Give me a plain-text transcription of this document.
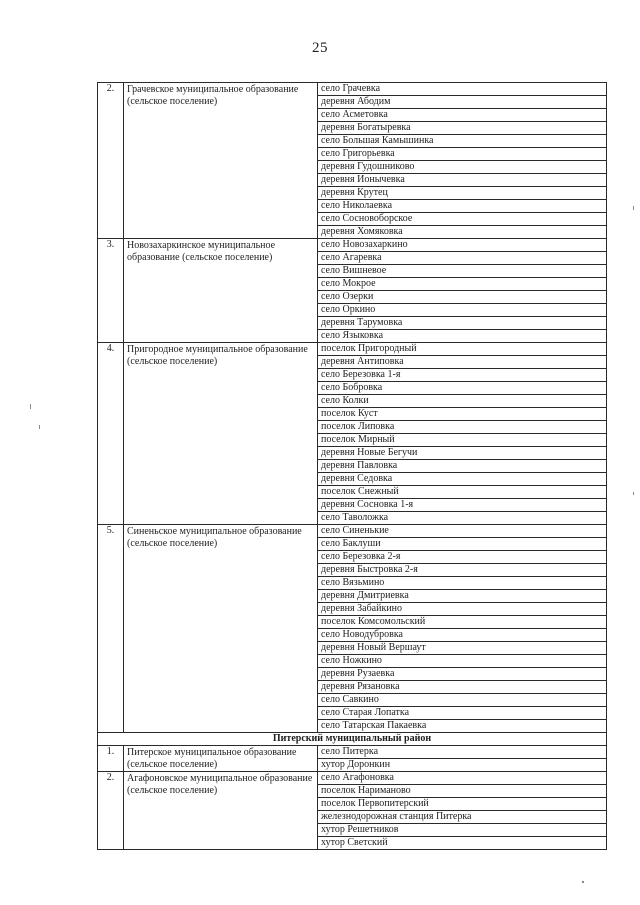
25
2.	Грачевское муниципальное образование (сельское поселение)	село Грачевка
		деревня Абодим
		село Асметовка
		деревня Богатыревка
		село Большая Камышинка
		село Григорьевка
		деревня Гудошниково
		деревня Ионычевка
		деревня Крутец
		село Николаевка
		село Сосновоборское
		деревня Хомяковка
3.	Новозахаркинское муниципальное образование (сельское поселение)	село Новозахаркино
		село Агаревка
		село Вишневое
		село Мокрое
		село Озерки
		село Оркино
		деревня Тарумовка
		село Языковка
4.	Пригородное муниципальное образование (сельское поселение)	поселок Пригородный
		деревня Антиповка
		село Березовка 1-я
		село Бобровка
		село Колки
		поселок Куст
		поселок Липовка
		поселок Мирный
		деревня Новые Бегучи
		деревня Павловка
		деревня Седовка
		поселок Снежный
		деревня Сосновка 1-я
		село Таволожка
5.	Синеньское муниципальное образование (сельское поселение)	село Синенькие
		село Баклуши
		село Березовка 2-я
		деревня Быстровка 2-я
		село Вязьмино
		деревня Дмитриевка
		деревня Забайкино
		поселок Комсомольский
		село Новодубровка
		деревня Новый Вершаут
		село Ножкино
		деревня Рузаевка
		деревня Рязановка
		село Савкино
		село Старая Лопатка
		село Татарская Пакаевка
Питерский муниципальный район		
1.	Питерское муниципальное образование (сельское поселение)	село Питерка
		хутор Доронкин
2.	Агафоновское муниципальное образование (сельское поселение)	село Агафоновка
		поселок Нариманово
		поселок Первопитерский
		железнодорожная станция Питерка
		хутор Решетников
		хутор Светский
